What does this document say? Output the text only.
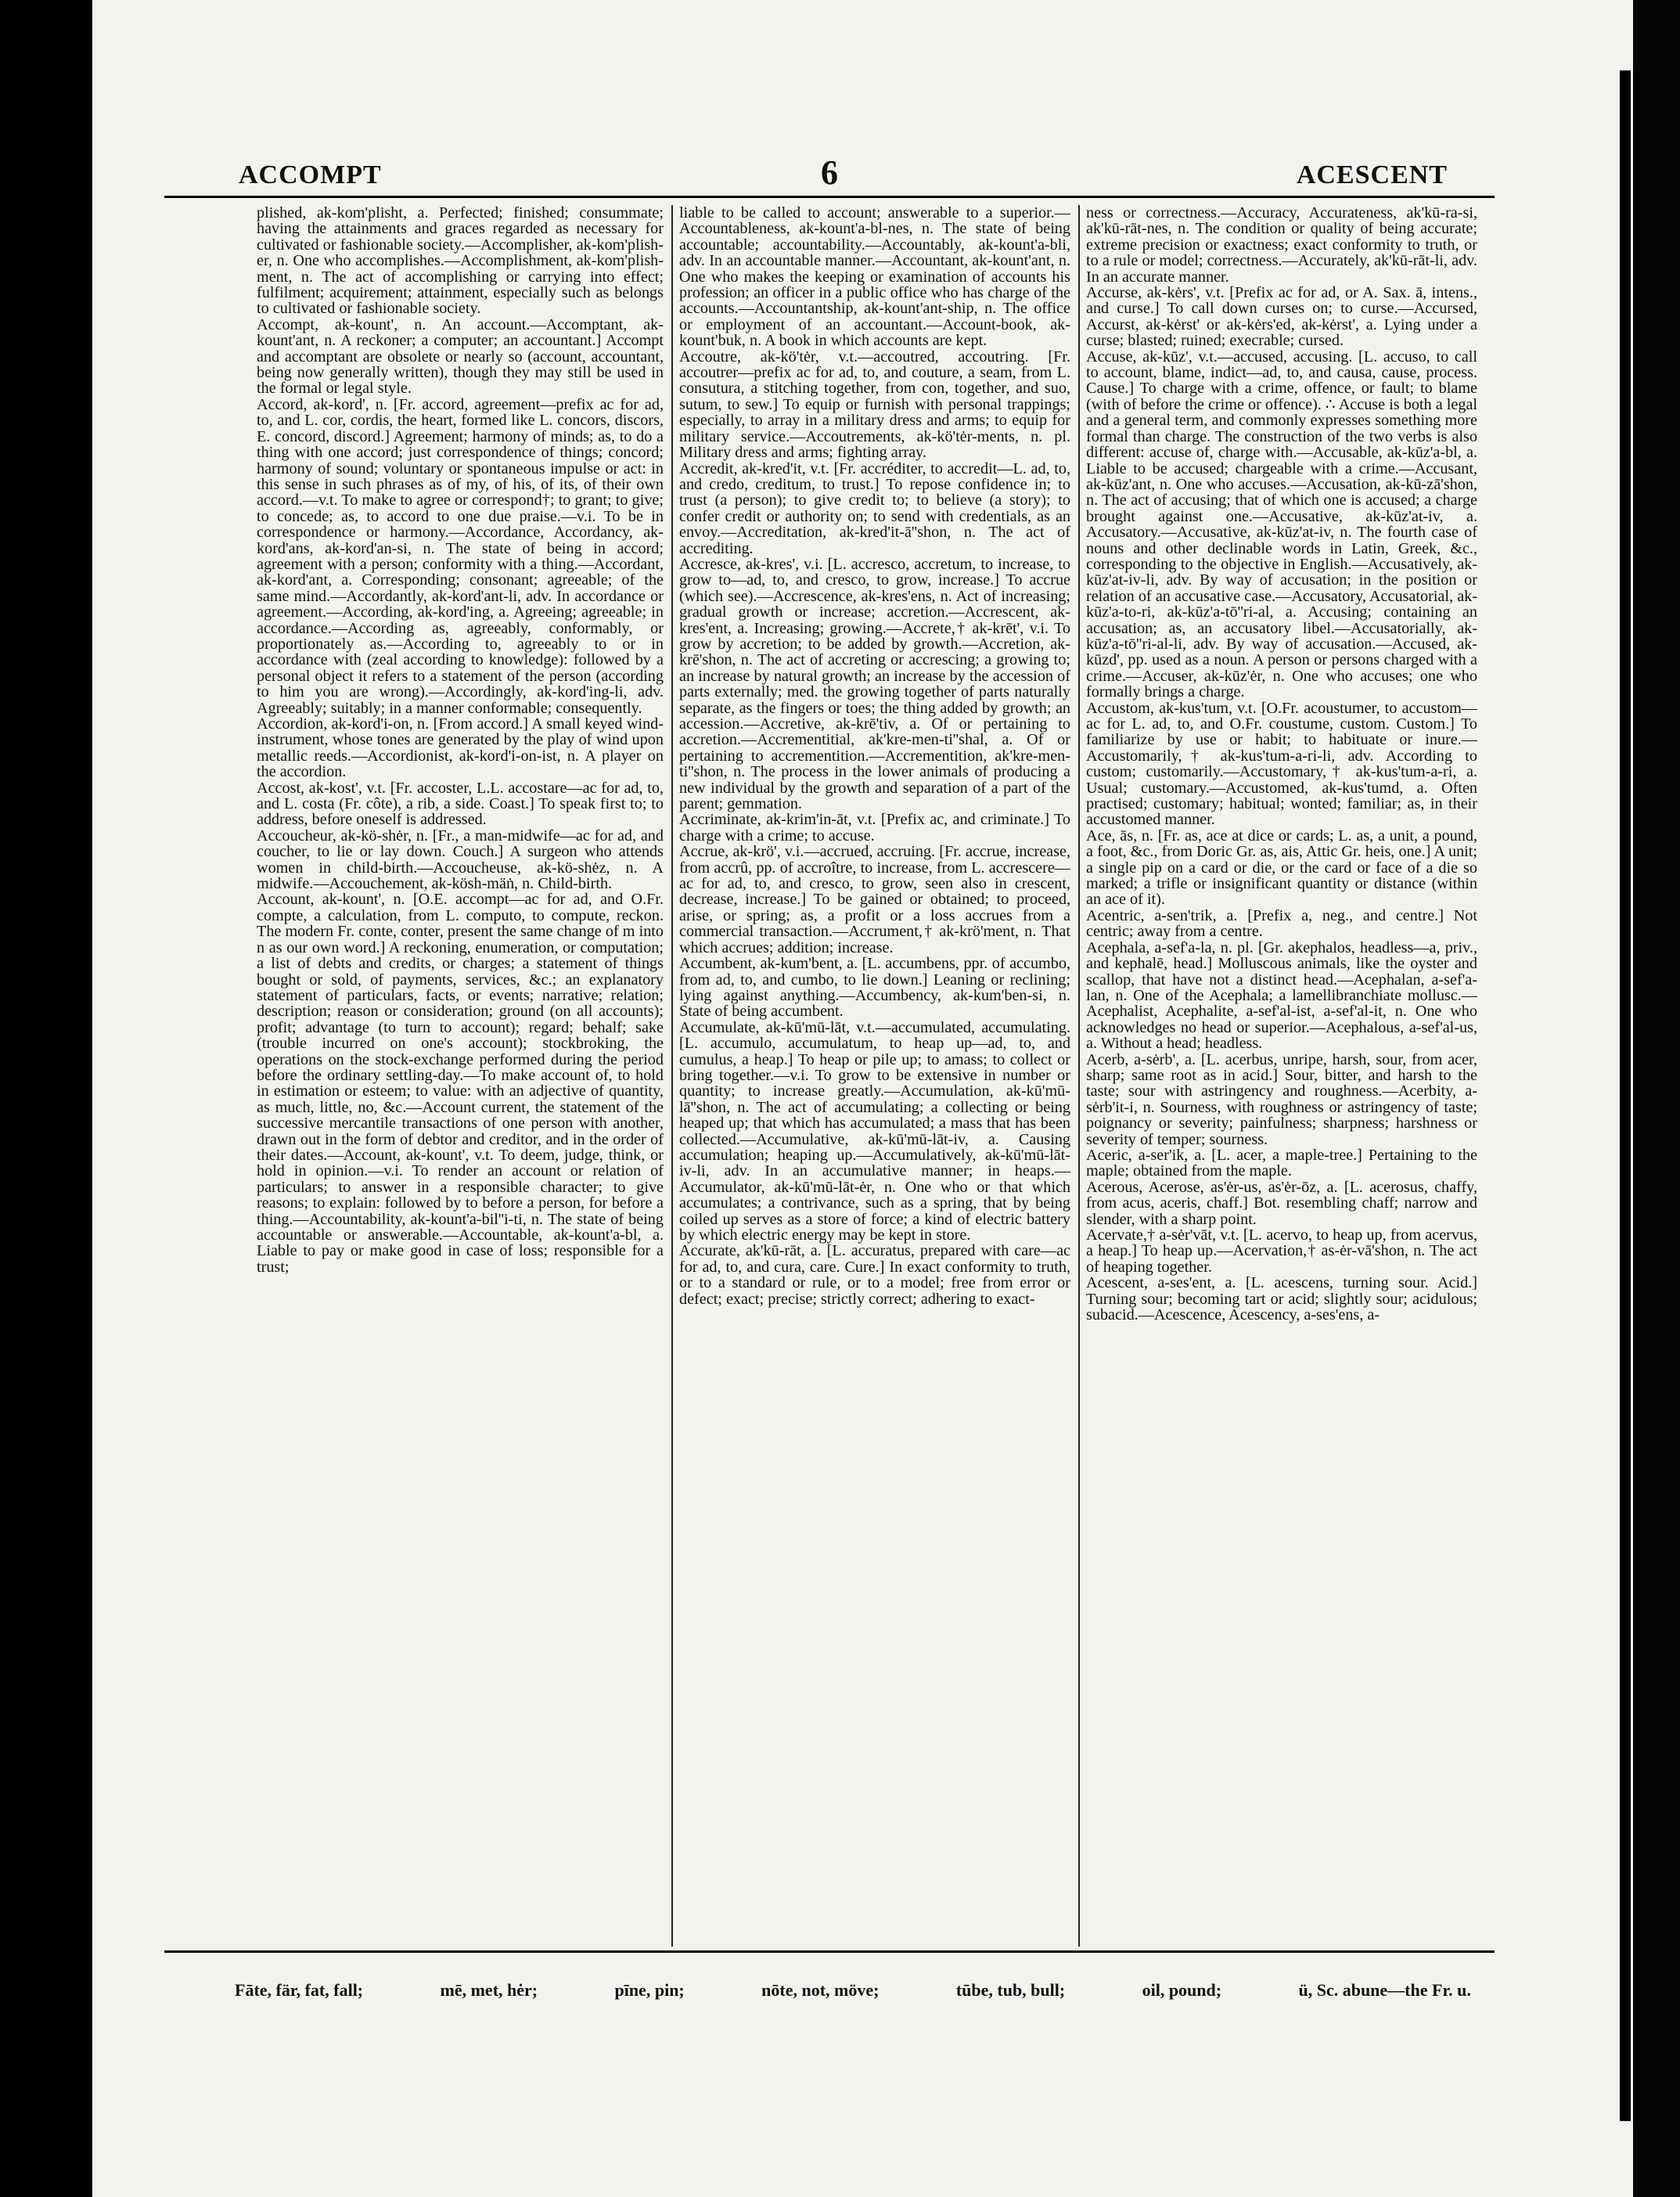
ACCOMPT	6	ACESCENT

plished, ak-kom'plisht, a. Perfected; finished; consummate; having the attainments and graces regarded as necessary for cultivated or fashionable society.—Accomplisher, ak-kom'plish-er, n. One who accomplishes.—Accomplishment, ak-kom'plish-ment, n. The act of accomplishing or carrying into effect; fulfilment; acquirement; attainment, especially such as belongs to cultivated or fashionable society.

Accompt, ak-kount', n. An account.—Accomptant, ak-kount'ant, n. A reckoner; a computer; an accountant.] Accompt and accomptant are obsolete or nearly so (account, accountant, being now generally written), though they may still be used in the formal or legal style.

Accord, ak-kord', n. [Fr. accord, agreement—prefix ac for ad, to, and L. cor, cordis, the heart, formed like L. concors, discors, E. concord, discord.] Agreement; harmony of minds; as, to do a thing with one accord; just correspondence of things; concord; harmony of sound; voluntary or spontaneous impulse or act: in this sense in such phrases as of my, of his, of its, of their own accord.—v.t. To make to agree or correspond†; to grant; to give; to concede; as, to accord to one due praise.—v.i. To be in correspondence or harmony.—Accordance, Accordancy, ak-kord'ans, ak-kord'an-si, n. The state of being in accord; agreement with a person; conformity with a thing.—Accordant, ak-kord'ant, a. Corresponding; consonant; agreeable; of the same mind.—Accordantly, ak-kord'ant-li, adv. In accordance or agreement.—According, ak-kord'ing, a. Agreeing; agreeable; in accordance.—According as, agreeably, conformably, or proportionately as.—According to, agreeably to or in accordance with (zeal according to knowledge): followed by a personal object it refers to a statement of the person (according to him you are wrong).—Accordingly, ak-kord'ing-li, adv. Agreeably; suitably; in a manner conformable; consequently.

Accordion, ak-kord'i-on, n. [From accord.] A small keyed wind-instrument, whose tones are generated by the play of wind upon metallic reeds.—Accordionist, ak-kord'i-on-ist, n. A player on the accordion.

Accost, ak-kost', v.t. [Fr. accoster, L.L. accostare—ac for ad, to, and L. costa (Fr. côte), a rib, a side. Coast.] To speak first to; to address, before oneself is addressed.

Accoucheur, ak-kö-shėr, n. [Fr., a man-midwife—ac for ad, and coucher, to lie or lay down. Couch.] A surgeon who attends women in child-birth.—Accoucheuse, ak-kö-shėz, n. A midwife.—Accouchement, ak-kösh-mäṅ, n. Child-birth.

Account, ak-kount', n. [O.E. accompt—ac for ad, and O.Fr. compte, a calculation, from L. computo, to compute, reckon. The modern Fr. conte, conter, present the same change of m into n as our own word.] A reckoning, enumeration, or computation; a list of debts and credits, or charges; a statement of things bought or sold, of payments, services, &c.; an explanatory statement of particulars, facts, or events; narrative; relation; description; reason or consideration; ground (on all accounts); profit; advantage (to turn to account); regard; behalf; sake (trouble incurred on one's account); stockbroking, the operations on the stock-exchange performed during the period before the ordinary settling-day.—To make account of, to hold in estimation or esteem; to value: with an adjective of quantity, as much, little, no, &c.—Account current, the statement of the successive mercantile transactions of one person with another, drawn out in the form of debtor and creditor, and in the order of their dates.—Account, ak-kount', v.t. To deem, judge, think, or hold in opinion.—v.i. To render an account or relation of particulars; to answer in a responsible character; to give reasons; to explain: followed by to before a person, for before a thing.—Accountability, ak-kount'a-bil''i-ti, n. The state of being accountable or answerable.—Accountable, ak-kount'a-bl, a. Liable to pay or make good in case of loss; responsible for a trust;

liable to be called to account; answerable to a superior.—Accountableness, ak-kount'a-bl-nes, n. The state of being accountable; accountability.—Accountably, ak-kount'a-bli, adv. In an accountable manner.—Accountant, ak-kount'ant, n. One who makes the keeping or examination of accounts his profession; an officer in a public office who has charge of the accounts.—Accountantship, ak-kount'ant-ship, n. The office or employment of an accountant.—Account-book, ak-kount'buk, n. A book in which accounts are kept.

Accoutre, ak-kö'tėr, v.t.—accoutred, accoutring. [Fr. accoutrer—prefix ac for ad, to, and couture, a seam, from L. consutura, a stitching together, from con, together, and suo, sutum, to sew.] To equip or furnish with personal trappings; especially, to array in a military dress and arms; to equip for military service.—Accoutrements, ak-kö'tėr-ments, n. pl. Military dress and arms; fighting array.

Accredit, ak-kred'it, v.t. [Fr. accréditer, to accredit—L. ad, to, and credo, creditum, to trust.] To repose confidence in; to trust (a person); to give credit to; to believe (a story); to confer credit or authority on; to send with credentials, as an envoy.—Accreditation, ak-kred'it-ā''shon, n. The act of accrediting.

Accresce, ak-kres', v.i. [L. accresco, accretum, to increase, to grow to—ad, to, and cresco, to grow, increase.] To accrue (which see).—Accrescence, ak-kres'ens, n. Act of increasing; gradual growth or increase; accretion.—Accrescent, ak-kres'ent, a. Increasing; growing.—Accrete,† ak-krēt', v.i. To grow by accretion; to be added by growth.—Accretion, ak-krē'shon, n. The act of accreting or accrescing; a growing to; an increase by natural growth; an increase by the accession of parts externally; med. the growing together of parts naturally separate, as the fingers or toes; the thing added by growth; an accession.—Accretive, ak-krē'tiv, a. Of or pertaining to accretion.—Accrementitial, ak'kre-men-ti''shal, a. Of or pertaining to accrementition.—Accrementition, ak'kre-men-ti''shon, n. The process in the lower animals of producing a new individual by the growth and separation of a part of the parent; gemmation.

Accriminate, ak-krim'in-āt, v.t. [Prefix ac, and criminate.] To charge with a crime; to accuse.

Accrue, ak-krö', v.i.—accrued, accruing. [Fr. accrue, increase, from accrû, pp. of accroître, to increase, from L. accrescere—ac for ad, to, and cresco, to grow, seen also in crescent, decrease, increase.] To be gained or obtained; to proceed, arise, or spring; as, a profit or a loss accrues from a commercial transaction.—Accrument,† ak-krö'ment, n. That which accrues; addition; increase.

Accumbent, ak-kum'bent, a. [L. accumbens, ppr. of accumbo, from ad, to, and cumbo, to lie down.] Leaning or reclining; lying against anything.—Accumbency, ak-kum'ben-si, n. State of being accumbent.

Accumulate, ak-kū'mū-lāt, v.t.—accumulated, accumulating. [L. accumulo, accumulatum, to heap up—ad, to, and cumulus, a heap.] To heap or pile up; to amass; to collect or bring together.—v.i. To grow to be extensive in number or quantity; to increase greatly.—Accumulation, ak-kū'mū-lā''shon, n. The act of accumulating; a collecting or being heaped up; that which has accumulated; a mass that has been collected.—Accumulative, ak-kū'mū-lāt-iv, a. Causing accumulation; heaping up.—Accumulatively, ak-kū'mū-lāt-iv-li, adv. In an accumulative manner; in heaps.—Accumulator, ak-kū'mū-lāt-ėr, n. One who or that which accumulates; a contrivance, such as a spring, that by being coiled up serves as a store of force; a kind of electric battery by which electric energy may be kept in store.

Accurate, ak'kū-rāt, a. [L. accuratus, prepared with care—ac for ad, to, and cura, care. Cure.] In exact conformity to truth, or to a standard or rule, or to a model; free from error or defect; exact; precise; strictly correct; adhering to exact-

ness or correctness.—Accuracy, Accurateness, ak'kū-ra-si, ak'kū-rāt-nes, n. The condition or quality of being accurate; extreme precision or exactness; exact conformity to truth, or to a rule or model; correctness.—Accurately, ak'kū-rāt-li, adv. In an accurate manner.

Accurse, ak-kėrs', v.t. [Prefix ac for ad, or A. Sax. ā, intens., and curse.] To call down curses on; to curse.—Accursed, Accurst, ak-kėrst' or ak-kėrs'ed, ak-kėrst', a. Lying under a curse; blasted; ruined; execrable; cursed.

Accuse, ak-kūz', v.t.—accused, accusing. [L. accuso, to call to account, blame, indict—ad, to, and causa, cause, process. Cause.] To charge with a crime, offence, or fault; to blame (with of before the crime or offence). ∴ Accuse is both a legal and a general term, and commonly expresses something more formal than charge. The construction of the two verbs is also different: accuse of, charge with.—Accusable, ak-kūz'a-bl, a. Liable to be accused; chargeable with a crime.—Accusant, ak-kūz'ant, n. One who accuses.—Accusation, ak-kū-zā'shon, n. The act of accusing; that of which one is accused; a charge brought against one.—Accusative, ak-kūz'at-iv, a. Accusatory.—Accusative, ak-kūz'at-iv, n. The fourth case of nouns and other declinable words in Latin, Greek, &c., corresponding to the objective in English.—Accusatively, ak-kūz'at-iv-li, adv. By way of accusation; in the position or relation of an accusative case.—Accusatory, Accusatorial, ak-kūz'a-to-ri, ak-kūz'a-tō''ri-al, a. Accusing; containing an accusation; as, an accusatory libel.—Accusatorially, ak-kūz'a-tō''ri-al-li, adv. By way of accusation.—Accused, ak-kūzd', pp. used as a noun. A person or persons charged with a crime.—Accuser, ak-kūz'ėr, n. One who accuses; one who formally brings a charge.

Accustom, ak-kus'tum, v.t. [O.Fr. acoustumer, to accustom—ac for L. ad, to, and O.Fr. coustume, custom. Custom.] To familiarize by use or habit; to habituate or inure.—Accustomarily,† ak-kus'tum-a-ri-li, adv. According to custom; customarily.—Accustomary,† ak-kus'tum-a-ri, a. Usual; customary.—Accustomed, ak-kus'tumd, a. Often practised; customary; habitual; wonted; familiar; as, in their accustomed manner.

Ace, ās, n. [Fr. as, ace at dice or cards; L. as, a unit, a pound, a foot, &c., from Doric Gr. as, ais, Attic Gr. heis, one.] A unit; a single pip on a card or die, or the card or face of a die so marked; a trifle or insignificant quantity or distance (within an ace of it).

Acentric, a-sen'trik, a. [Prefix a, neg., and centre.] Not centric; away from a centre.

Acephala, a-sef'a-la, n. pl. [Gr. akephalos, headless—a, priv., and kephalē, head.] Molluscous animals, like the oyster and scallop, that have not a distinct head.—Acephalan, a-sef'a-lan, n. One of the Acephala; a lamellibranchiate mollusc.—Acephalist, Acephalite, a-sef'al-ist, a-sef'al-it, n. One who acknowledges no head or superior.—Acephalous, a-sef'al-us, a. Without a head; headless.

Acerb, a-sėrb', a. [L. acerbus, unripe, harsh, sour, from acer, sharp; same root as in acid.] Sour, bitter, and harsh to the taste; sour with astringency and roughness.—Acerbity, a-sėrb'it-i, n. Sourness, with roughness or astringency of taste; poignancy or severity; painfulness; sharpness; harshness or severity of temper; sourness.

Aceric, a-ser'ik, a. [L. acer, a maple-tree.] Pertaining to the maple; obtained from the maple.

Acerous, Acerose, as'ėr-us, as'ėr-ōz, a. [L. acerosus, chaffy, from acus, aceris, chaff.] Bot. resembling chaff; narrow and slender, with a sharp point.

Acervate,† a-sėr'vāt, v.t. [L. acervo, to heap up, from acervus, a heap.] To heap up.—Acervation,† as-ėr-vā'shon, n. The act of heaping together.

Acescent, a-ses'ent, a. [L. acescens, turning sour. Acid.] Turning sour; becoming tart or acid; slightly sour; acidulous; subacid.—Acescence, Acescency, a-ses'ens, a-

Fāte, fär, fat, fall;	mē, met, hėr;	pīne, pin;	nōte, not, möve;	tūbe, tub, bull;	oil, pound;	ü, Sc. abune—the Fr. u.
